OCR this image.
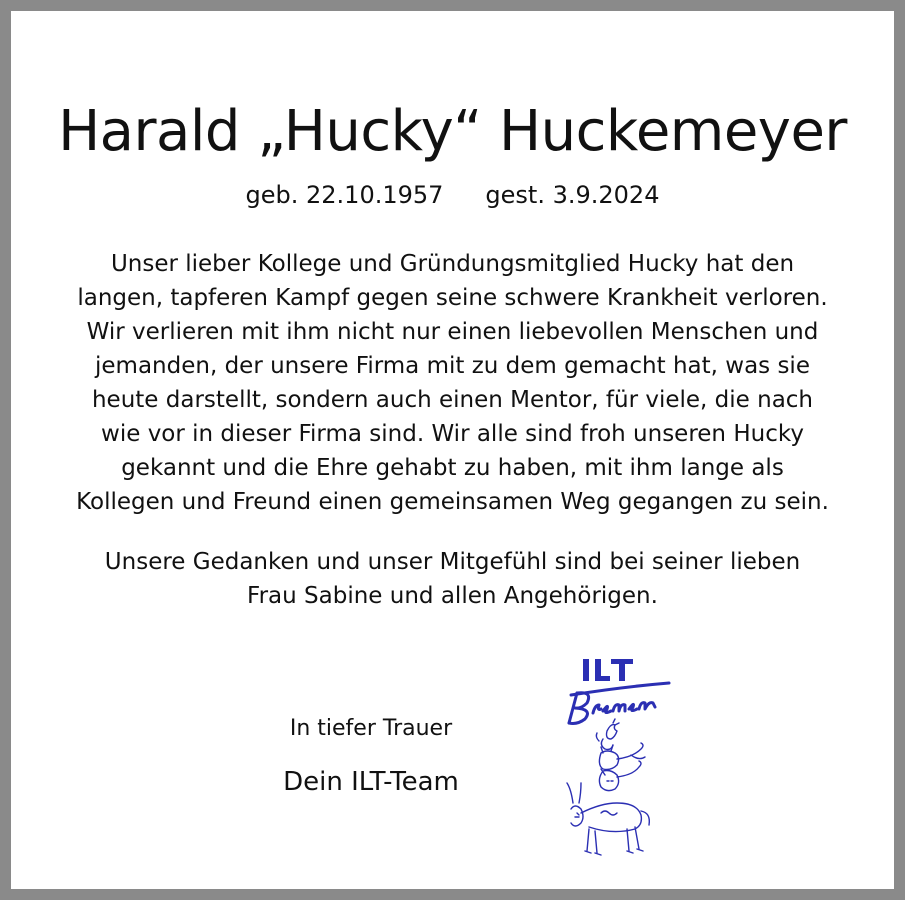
Harald „Hucky“ Huckemeyer
geb. 22.10.1957 gest. 3.9.2024
Unser lieber Kollege und Gründungsmitglied Hucky hat den
langen, tapferen Kampf gegen seine schwere Krankheit verloren.
Wir verlieren mit ihm nicht nur einen liebevollen Menschen und
jemanden, der unsere Firma mit zu dem gemacht hat, was sie
heute darstellt, sondern auch einen Mentor, für viele, die nach
wie vor in dieser Firma sind. Wir alle sind froh unseren Hucky
gekannt und die Ehre gehabt zu haben, mit ihm lange als
Kollegen und Freund einen gemeinsamen Weg gegangen zu sein.
Unsere Gedanken und unser Mitgefühl sind bei seiner lieben
Frau Sabine und allen Angehörigen.
In tiefer Trauer
Dein ILT-Team
